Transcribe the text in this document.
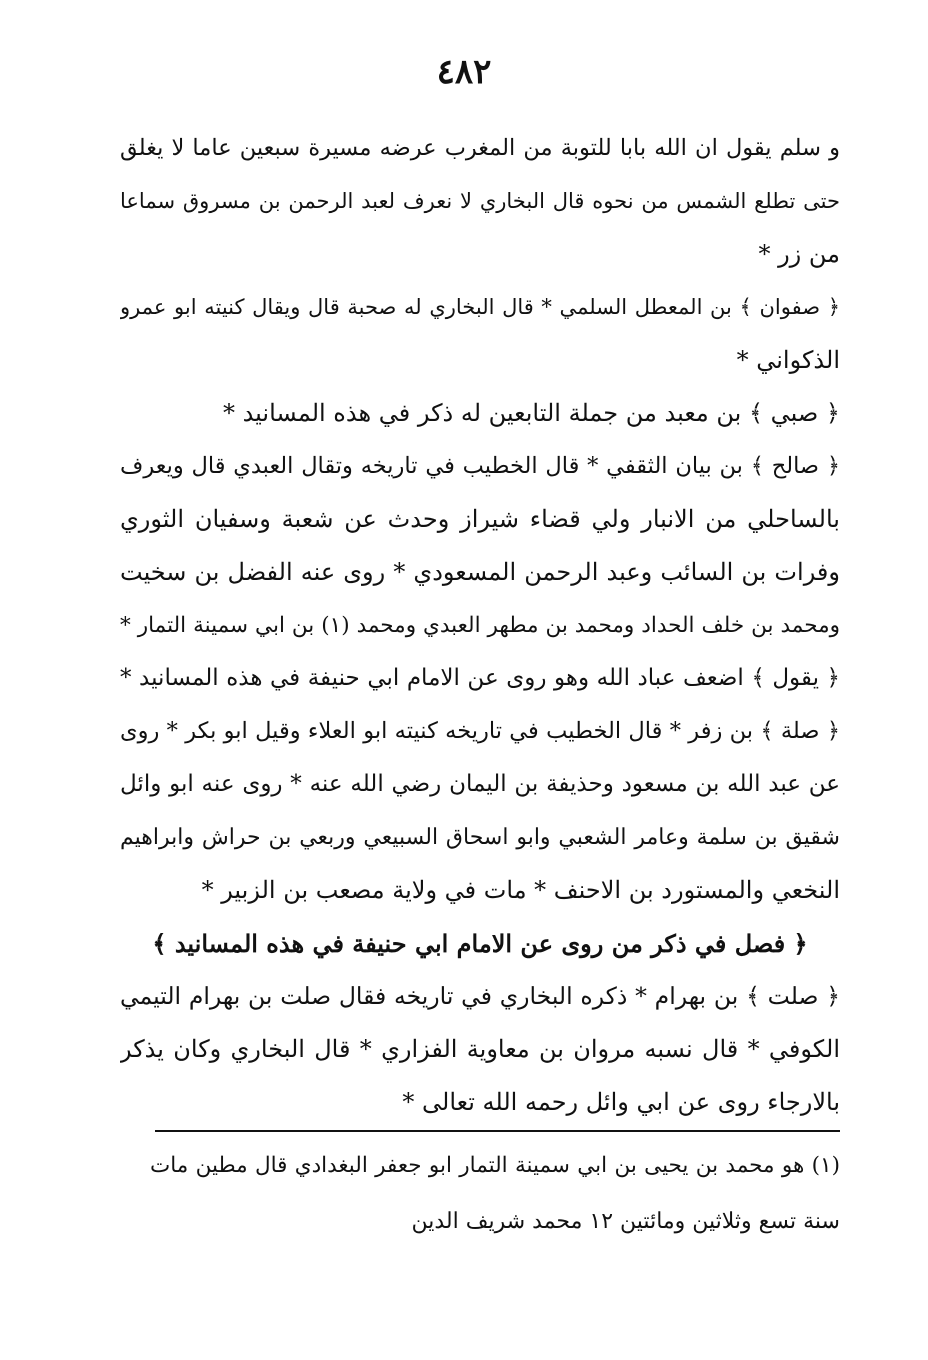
٤٨٢
و سلم يقول ان الله بابا للتوبة من المغرب عرضه مسيرة سبعين عاما لا يغلق
حتى تطلع الشمس من نحوه قال البخاري لا نعرف لعبد الرحمن بن مسروق سماعا
من زر *
﴿ صفوان ﴾ بن المعطل السلمي * قال البخاري له صحبة قال ويقال كنيته ابو عمرو
الذكواني *
﴿ صبي ﴾ بن معبد من جملة التابعين له ذكر في هذه المسانيد *
﴿ صالح ﴾ بن بيان الثقفي * قال الخطيب في تاريخه وتقال العبدي قال ويعرف
بالساحلي من الانبار ولي قضاء شيراز وحدث عن شعبة وسفيان الثوري
وفرات بن السائب وعبد الرحمن المسعودي * روى عنه الفضل بن سخيت
ومحمد بن خلف الحداد ومحمد بن مطهر العبدي ومحمد (١) بن ابي سمينة التمار *
﴿ يقول ﴾ اضعف عباد الله وهو روى عن الامام ابي حنيفة في هذه المسانيد *
﴿ صلة ﴾ بن زفر * قال الخطيب في تاريخه كنيته ابو العلاء وقيل ابو بكر * روى
عن عبد الله بن مسعود وحذيفة بن اليمان رضي الله عنه * روى عنه ابو وائل
شقيق بن سلمة وعامر الشعبي وابو اسحاق السبيعي وربعي بن حراش وابراهيم
النخعي والمستورد بن الاحنف * مات في ولاية مصعب بن الزبير *
﴿ فصل في ذكر من روى عن الامام ابي حنيفة في هذه المسانيد ﴾
﴿ صلت ﴾ بن بهرام * ذكره البخاري في تاريخه فقال صلت بن بهرام التيمي
الكوفي * قال نسبه مروان بن معاوية الفزاري * قال البخاري وكان يذكر
بالارجاء روى عن ابي وائل رحمه الله تعالى *
(١) هو محمد بن يحيى بن ابي سمينة التمار ابو جعفر البغدادي قال مطين مات
سنة تسع وثلاثين ومائتين ١٢ محمد شريف الدين
